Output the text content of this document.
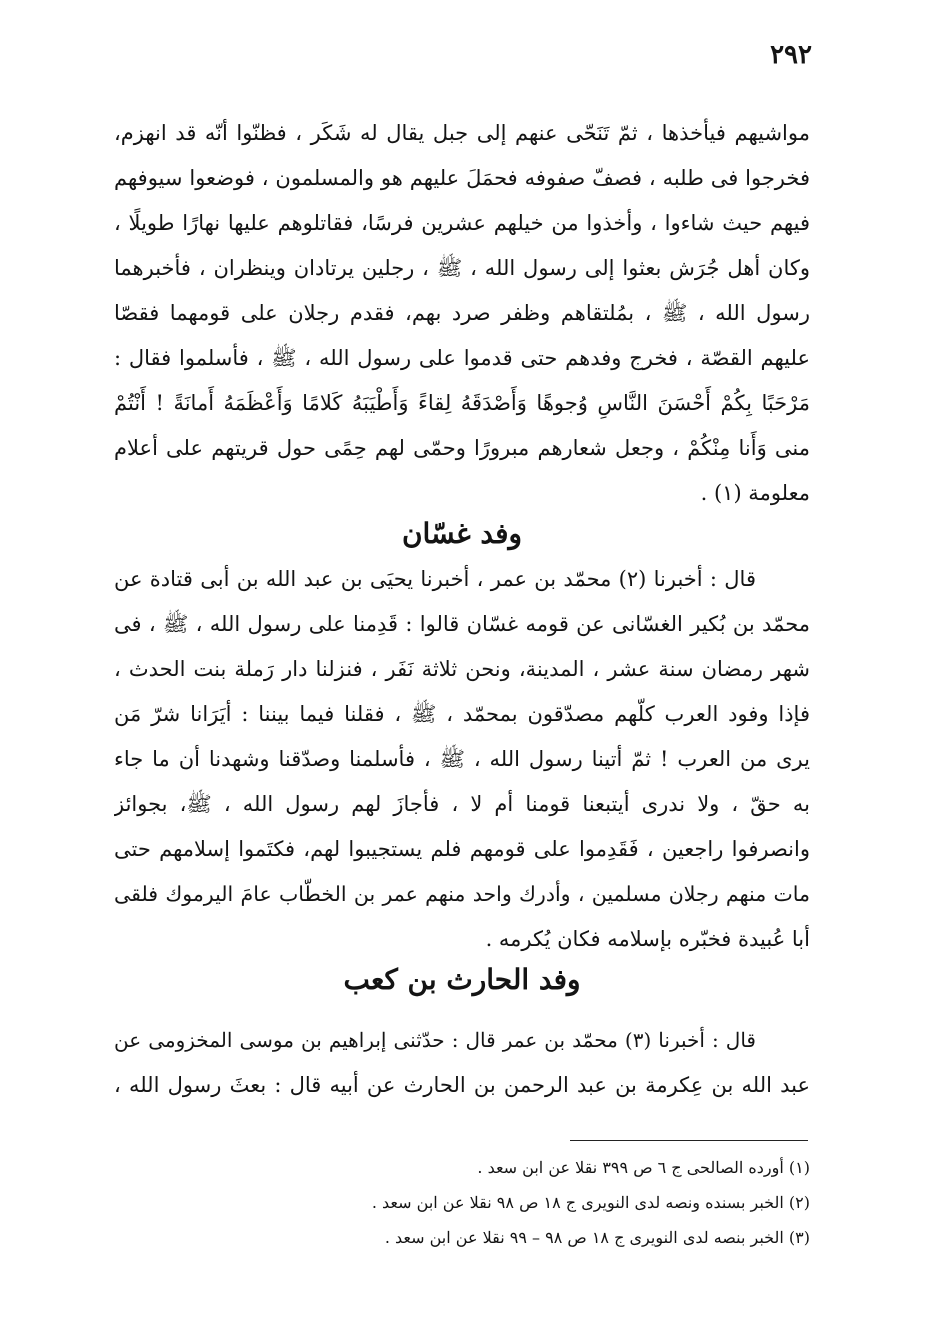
٢٩٢
مواشيهم فيأخذها ، ثمّ تَنَحّى عنهم إلى جبل يقال له شَكَر ، فظنّوا أنّه قد انهزم،
فخرجوا فى طلبه ، فصفّ صفوفه فحمَلَ عليهم هو والمسلمون ، فوضعوا سيوفهم
فيهم حيث شاءوا ، وأخذوا من خيلهم عشرين فرسًا، فقاتلوهم عليها نهارًا طويلًا ،
وكان أهل جُرَش بعثوا إلى رسول الله ، ﷺ ، رجلين يرتادان وينظران ، فأخبرهما
رسول الله ، ﷺ ، بمُلتقاهم وظفر صرد بهم، فقدم رجلان على قومهما فقصّا
عليهم القصّة ، فخرج وفدهم حتى قدموا على رسول الله ، ﷺ ، فأسلموا فقال :
مَرْحَبًا بِكُمْ أَحْسَنَ النَّاسِ وُجوهًا وَأَصْدَقَهُ لِقاءً وَأَطْيَبَهُ كَلامًا وَأَعْظَمَهُ أَمانَةً ! أَنْتُمْ
منى وَأَنا مِنْكُمْ ، وجعل شعارهم مبرورًا وحمّى لهم حِمًى حول قريتهم على أعلام
معلومة (١) .
وفد غسّان
قال : أخبرنا (٢) محمّد بن عمر ، أخبرنا يحيَى بن عبد الله بن أبى قتادة عن
محمّد بن بُكير الغسّانى عن قومه غسّان قالوا : قَدِمنا على رسول الله ، ﷺ ، فى
شهر رمضان سنة عشر ، المدينة، ونحن ثلاثة نَفَر ، فنزلنا دار رَملة بنت الحدث ،
فإذا وفود العرب كلّهم مصدّقون بمحمّد ، ﷺ ، فقلنا فيما بيننا : أيَرَانا شرّ مَن
يرى من العرب ! ثمّ أتينا رسول الله ، ﷺ ، فأسلمنا وصدّقنا وشهدنا أن ما جاء
به حقّ ، ولا ندرى أيتبعنا قومنا أم لا ، فأجازَ لهم رسول الله ، ﷺ، بجوائز
وانصرفوا راجعين ، فَقَدِموا على قومهم فلم يستجيبوا لهم، فكتَموا إسلامهم حتى
مات منهم رجلان مسلمين ، وأدرك واحد منهم عمر بن الخطّاب عامَ اليرموك فلقى
أبا عُبيدة فخبّره بإسلامه فكان يُكرمه .
وفد الحارث بن كعب
قال : أخبرنا (٣) محمّد بن عمر قال : حدّثنى إبراهيم بن موسى المخزومى عن
عبد الله بن عِكرمة بن عبد الرحمن بن الحارث عن أبيه قال : بعثَ رسول الله ،
(١) أورده الصالحى ج ٦ ص ٣٩٩ نقلا عن ابن سعد .
(٢) الخبر بسنده ونصه لدى النويرى ج ١٨ ص ٩٨ نقلا عن ابن سعد .
(٣) الخبر بنصه لدى النويرى ج ١٨ ص ٩٨ – ٩٩ نقلا عن ابن سعد .
